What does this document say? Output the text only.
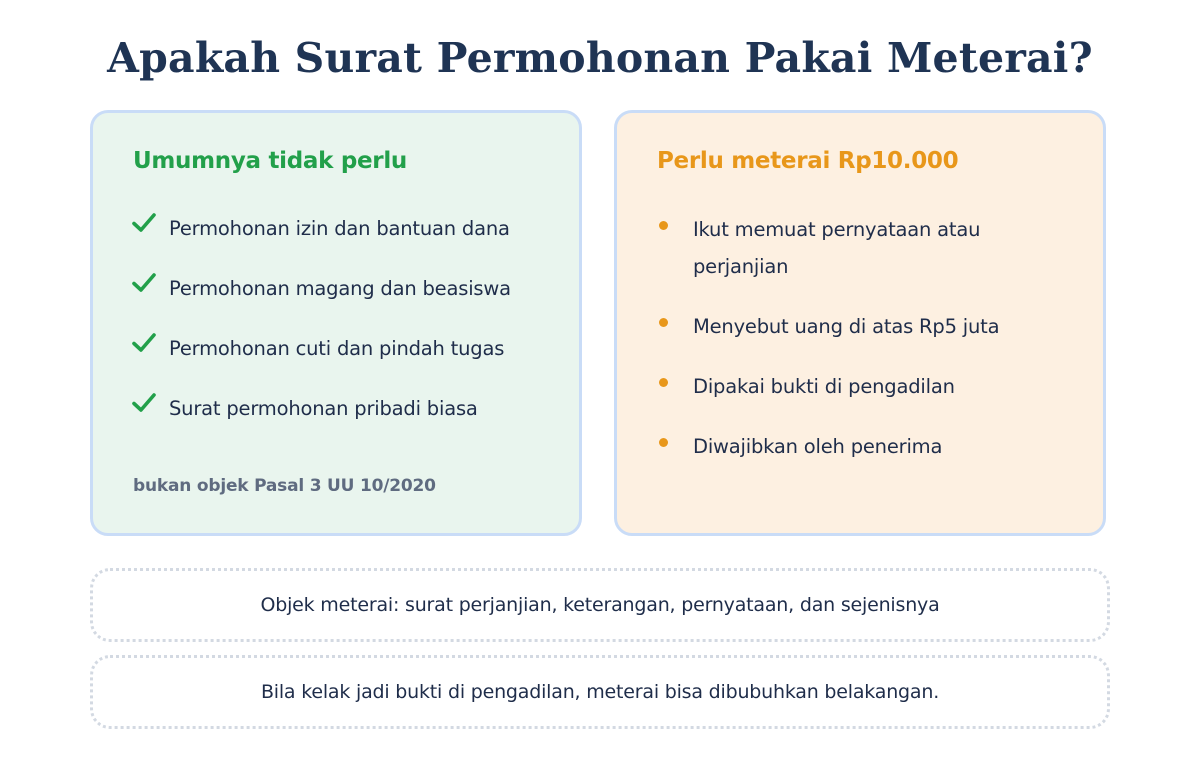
Apakah Surat Permohonan Pakai Meterai?
Umumnya tidak perlu
Permohonan izin dan bantuan dana
Permohonan magang dan beasiswa
Permohonan cuti dan pindah tugas
Surat permohonan pribadi biasa
bukan objek Pasal 3 UU 10/2020
Perlu meterai Rp10.000
Ikut memuat pernyataan atau perjanjian
Menyebut uang di atas Rp5 juta
Dipakai bukti di pengadilan
Diwajibkan oleh penerima
Objek meterai: surat perjanjian, keterangan, pernyataan, dan sejenisnya
Bila kelak jadi bukti di pengadilan, meterai bisa dibubuhkan belakangan.
